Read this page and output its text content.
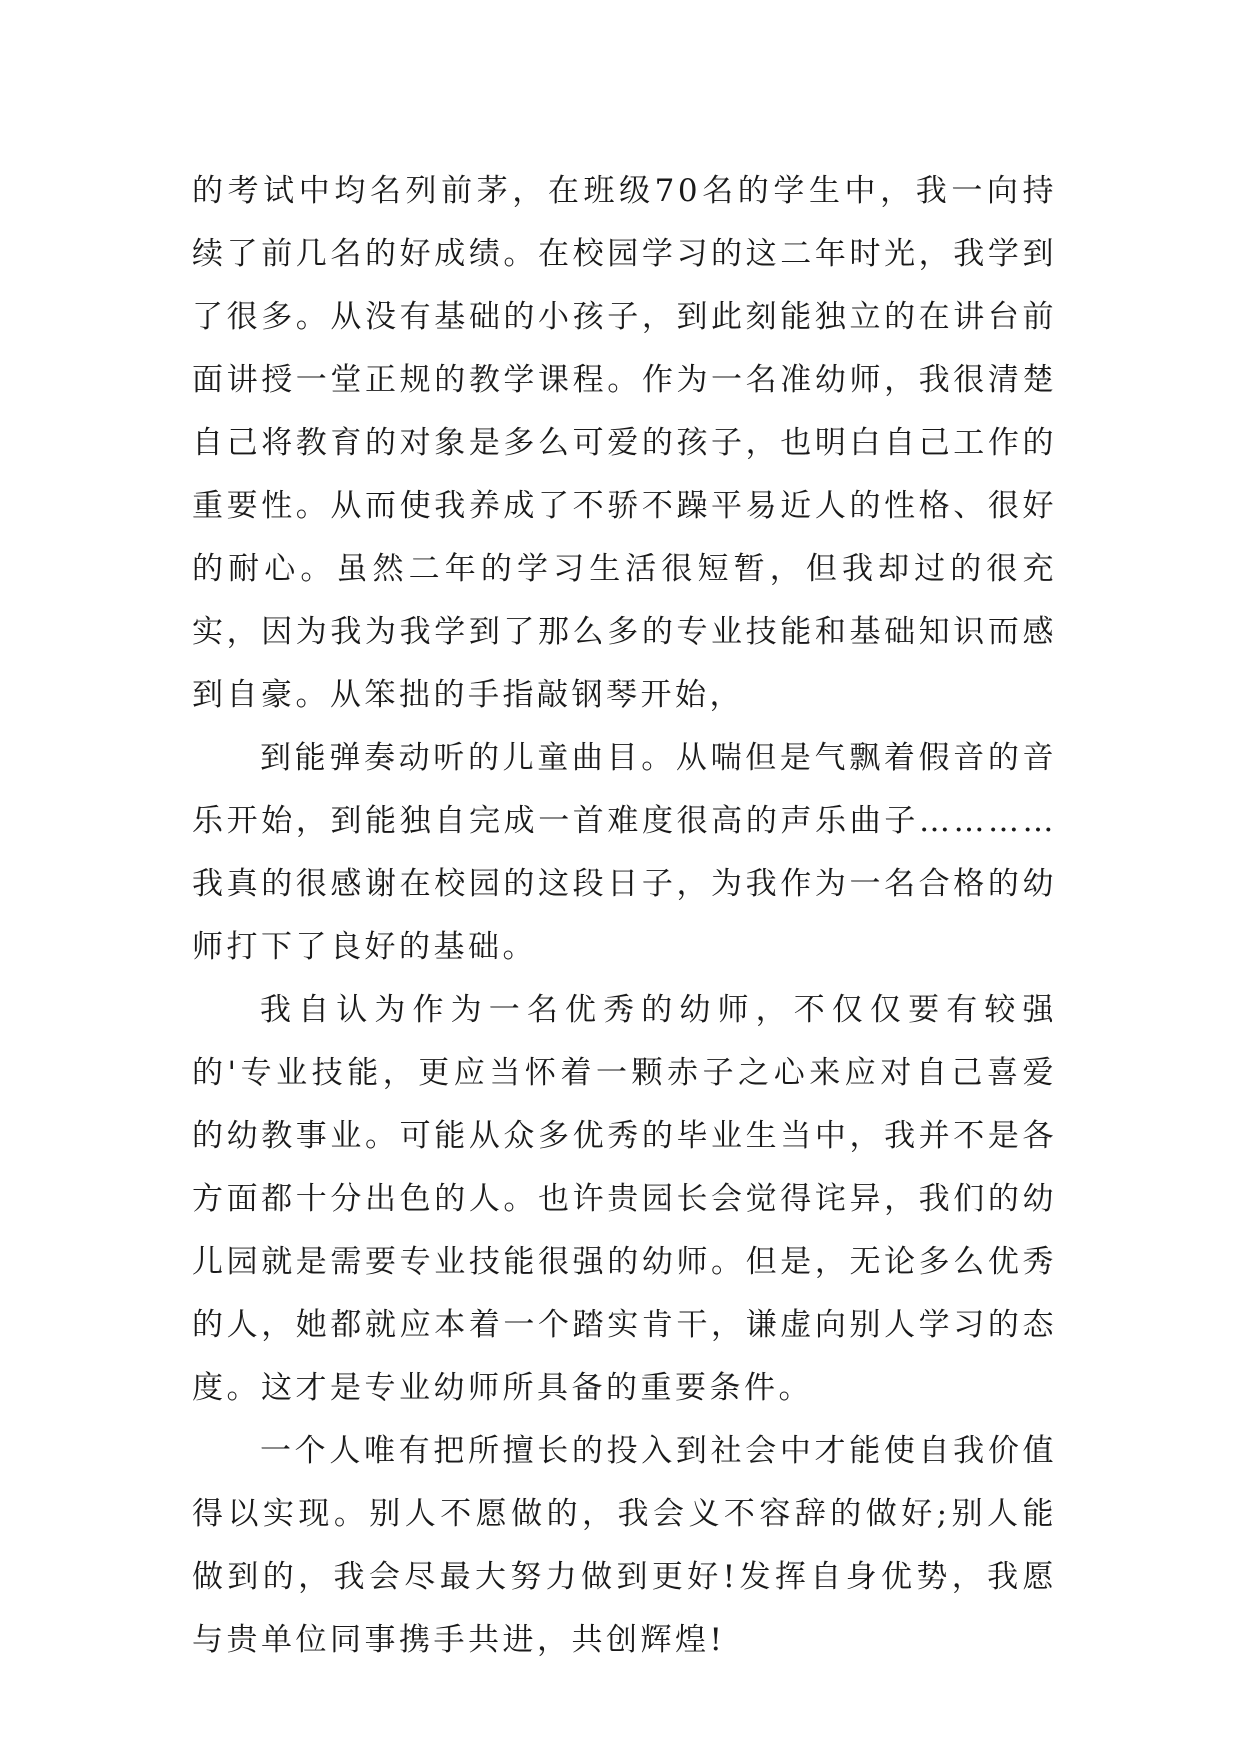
的考试中均名列前茅，在班级70名的学生中，我一向持续了前几名的好成绩。在校园学习的这二年时光，我学到了很多。从没有基础的小孩子，到此刻能独立的在讲台前面讲授一堂正规的教学课程。作为一名准幼师，我很清楚自己将教育的对象是多么可爱的孩子，也明白自己工作的重要性。从而使我养成了不骄不躁平易近人的性格、很好的耐心。虽然二年的学习生活很短暂，但我却过的很充实，因为我为我学到了那么多的专业技能和基础知识而感到自豪。从笨拙的手指敲钢琴开始，

到能弹奏动听的儿童曲目。从喘但是气飘着假音的音乐开始，到能独自完成一首难度很高的声乐曲子…………我真的很感谢在校园的这段日子，为我作为一名合格的幼师打下了良好的基础。

我自认为作为一名优秀的幼师，不仅仅要有较强的'专业技能，更应当怀着一颗赤子之心来应对自己喜爱的幼教事业。可能从众多优秀的毕业生当中，我并不是各方面都十分出色的人。也许贵园长会觉得诧异，我们的幼儿园就是需要专业技能很强的幼师。但是，无论多么优秀的人，她都就应本着一个踏实肯干，谦虚向别人学习的态度。这才是专业幼师所具备的重要条件。

一个人唯有把所擅长的投入到社会中才能使自我价值得以实现。别人不愿做的，我会义不容辞的做好;别人能做到的，我会尽最大努力做到更好!发挥自身优势，我愿与贵单位同事携手共进，共创辉煌!
